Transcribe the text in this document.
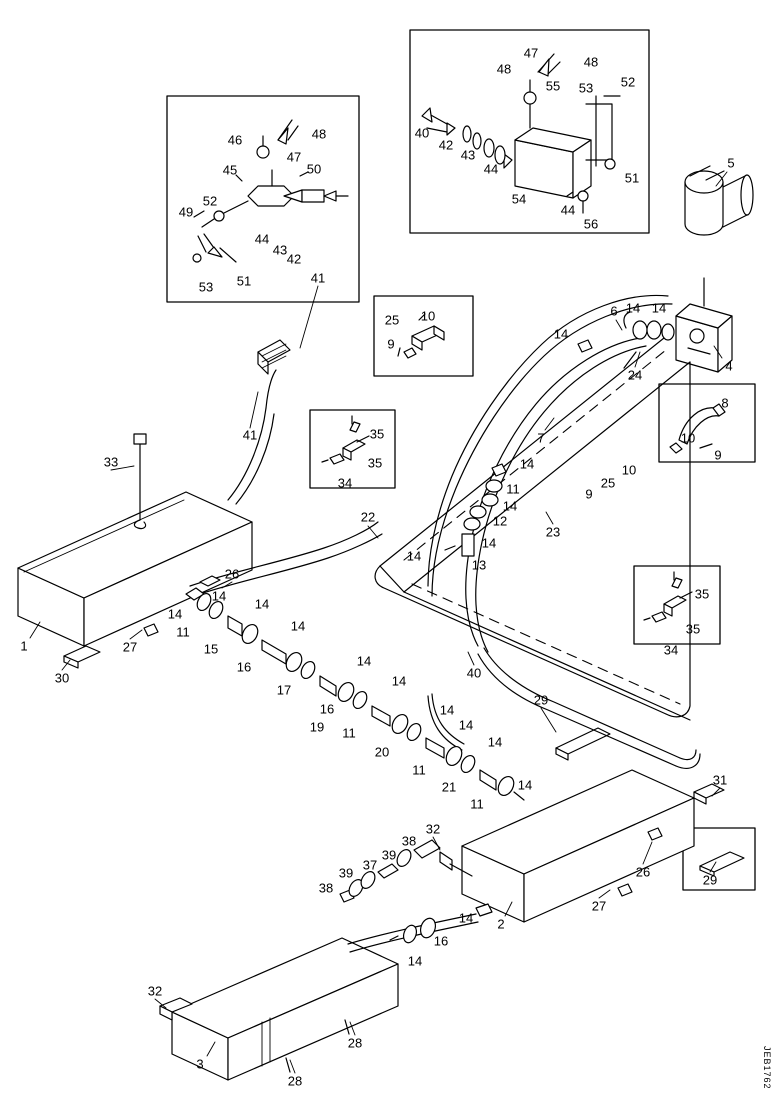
1
2
3
4
5
6
7
8
9
9
9
10
10
10
11
11
11
11
11
12
13
14
14 14
14
14
14
14
14
14
14
14
14
14
14
14
14
14
14
14
15
16
16
16
17
19
20
21
22
23
24
25
25
26
26
27
27
28
28
29
29
30
31
32
32
33
34
34
35
35
35
35
37
38
38
39
39
40
40
41
41
42
42
43
43
44
44
44
45
46
47
47
48
48	48
49
50
51
51
52
52
53
53
54
55
56
JEB1762
